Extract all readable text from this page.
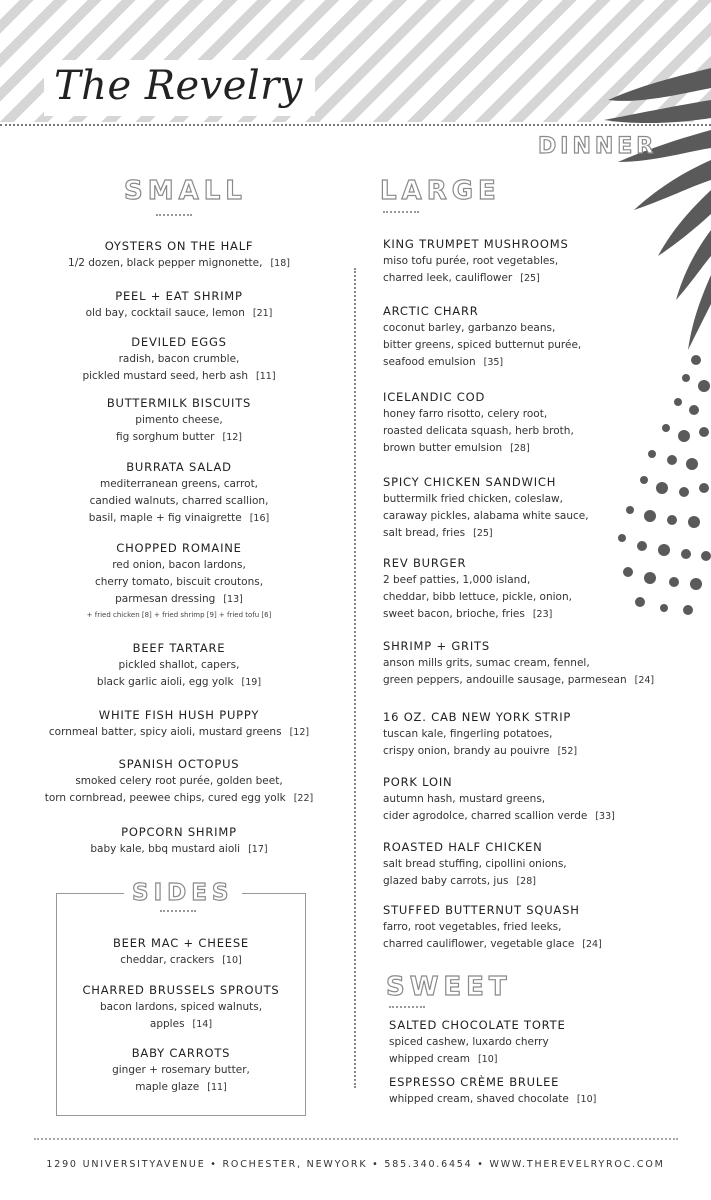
The Revelry
DINNER
SMALL	LARGE
OYSTERS ON THE HALF
1/2 dozen, black pepper mignonette, [18]
PEEL + EAT SHRIMP
old bay, cocktail sauce, lemon [21]
DEVILED EGGS
radish, bacon crumble,
pickled mustard seed, herb ash [11]
BUTTERMILK BISCUITS
pimento cheese,
fig sorghum butter [12]
BURRATA SALAD
mediterranean greens, carrot,
candied walnuts, charred scallion,
basil, maple + fig vinaigrette [16]
CHOPPED ROMAINE
red onion, bacon lardons,
cherry tomato, biscuit croutons,
parmesan dressing [13]
+ fried chicken [8] + fried shrimp [9] + fried tofu [6]
BEEF TARTARE
pickled shallot, capers,
black garlic aioli, egg yolk [19]
WHITE FISH HUSH PUPPY
cornmeal batter, spicy aioli, mustard greens [12]
SPANISH OCTOPUS
smoked celery root purée, golden beet,
torn cornbread, peewee chips, cured egg yolk [22]
POPCORN SHRIMP
baby kale, bbq mustard aioli [17]
SIDES
BEER MAC + CHEESE
cheddar, crackers [10]
CHARRED BRUSSELS SPROUTS
bacon lardons, spiced walnuts,
apples [14]
BABY CARROTS
ginger + rosemary butter,
maple glaze [11]
KING TRUMPET MUSHROOMS
miso tofu purée, root vegetables,
charred leek, cauliflower [25]
ARCTIC CHARR
coconut barley, garbanzo beans,
bitter greens, spiced butternut purée,
seafood emulsion [35]
ICELANDIC COD
honey farro risotto, celery root,
roasted delicata squash, herb broth,
brown butter emulsion [28]
SPICY CHICKEN SANDWICH
buttermilk fried chicken, coleslaw,
caraway pickles, alabama white sauce,
salt bread, fries [25]
REV BURGER
2 beef patties, 1,000 island,
cheddar, bibb lettuce, pickle, onion,
sweet bacon, brioche, fries [23]
SHRIMP + GRITS
anson mills grits, sumac cream, fennel,
green peppers, andouille sausage, parmesean [24]
16 OZ. CAB NEW YORK STRIP
tuscan kale, fingerling potatoes,
crispy onion, brandy au pouivre [52]
PORK LOIN
autumn hash, mustard greens,
cider agrodolce, charred scallion verde [33]
ROASTED HALF CHICKEN
salt bread stuffing, cipollini onions,
glazed baby carrots, jus [28]
STUFFED BUTTERNUT SQUASH
farro, root vegetables, fried leeks,
charred cauliflower, vegetable glace [24]
SWEET
SALTED CHOCOLATE TORTE
spiced cashew, luxardo cherry
whipped cream [10]
ESPRESSO CRÈME BRULEE
whipped cream, shaved chocolate [10]
1290 UNIVERSITYAVENUE • ROCHESTER, NEWYORK • 585.340.6454 • WWW.THEREVELRYROC.COM
